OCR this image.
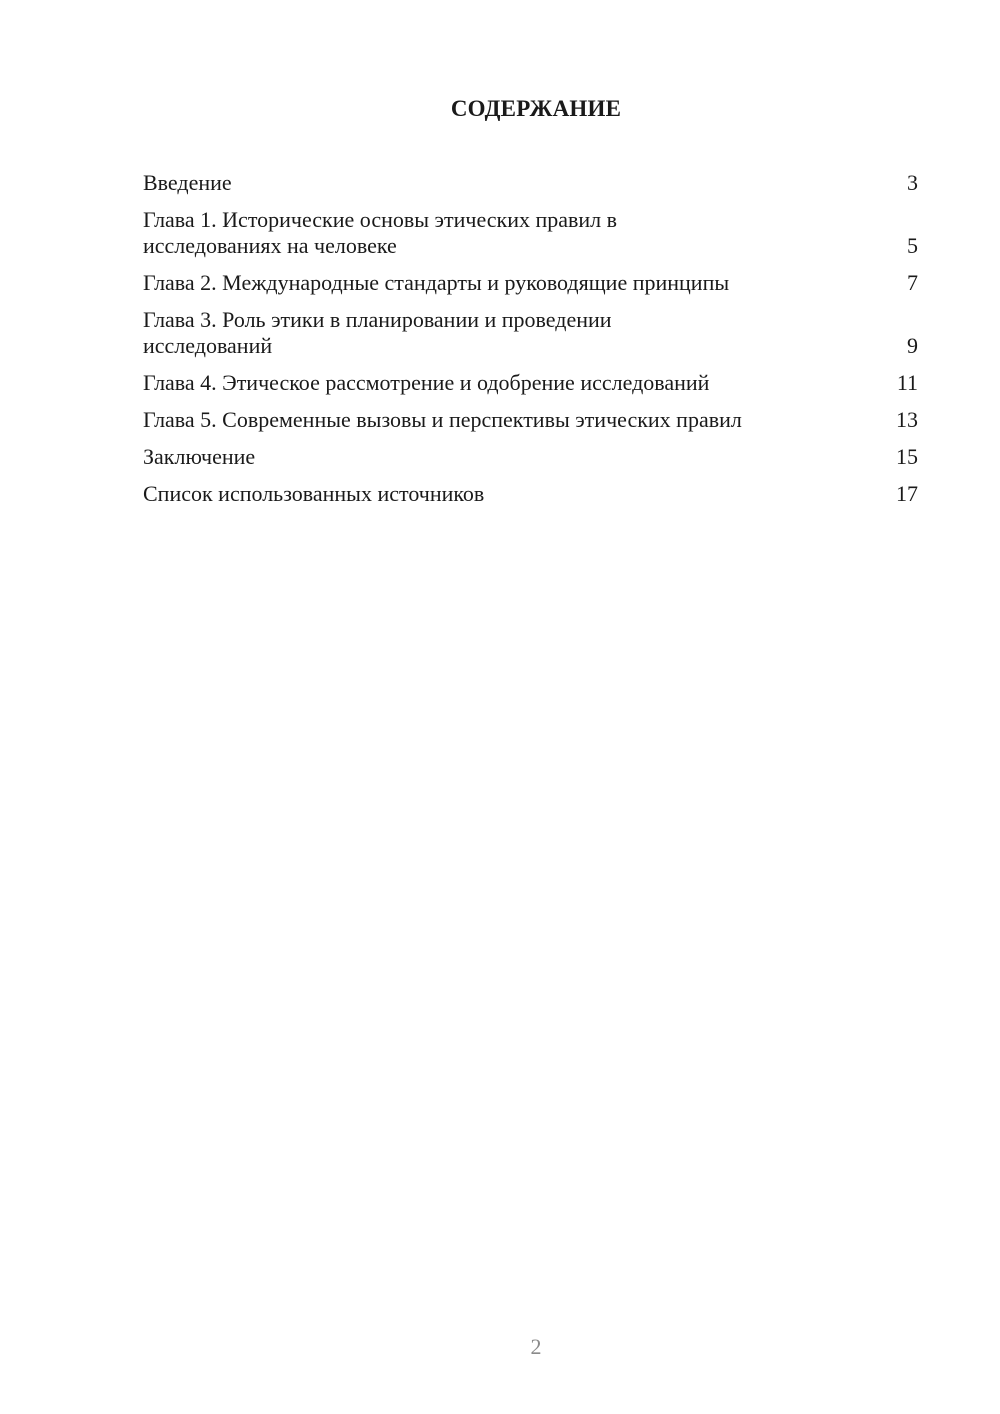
СОДЕРЖАНИЕ
Введение	3
Глава 1. Исторические основы этических правил в
исследованиях на человеке	5
Глава 2. Международные стандарты и руководящие принципы	7
Глава 3. Роль этики в планировании и проведении
исследований	9
Глава 4. Этическое рассмотрение и одобрение исследований	11
Глава 5. Современные вызовы и перспективы этических правил	13
Заключение	15
Список использованных источников	17
2
